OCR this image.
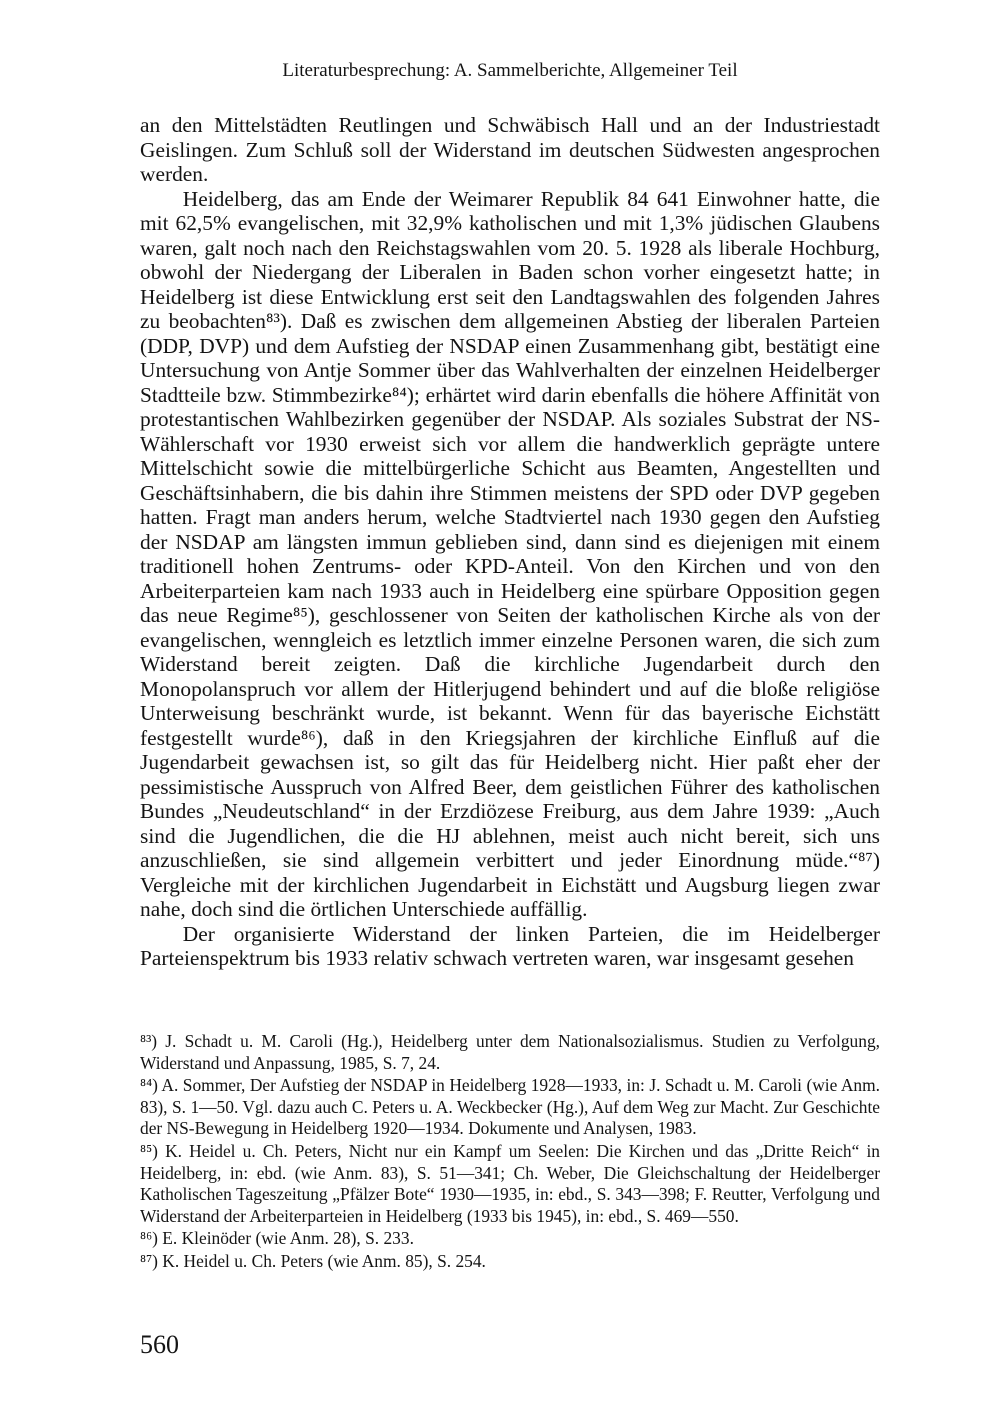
Literaturbesprechung: A. Sammelberichte, Allgemeiner Teil

an den Mittelstädten Reutlingen und Schwäbisch Hall und an der Industriestadt Geislingen. Zum Schluß soll der Widerstand im deutschen Südwesten angesprochen werden.

Heidelberg, das am Ende der Weimarer Republik 84 641 Einwohner hatte, die mit 62,5% evangelischen, mit 32,9% katholischen und mit 1,3% jüdischen Glaubens waren, galt noch nach den Reichstagswahlen vom 20. 5. 1928 als liberale Hochburg, obwohl der Niedergang der Liberalen in Baden schon vorher eingesetzt hatte; in Heidelberg ist diese Entwicklung erst seit den Landtagswahlen des folgenden Jahres zu beobachten⁸³). Daß es zwischen dem allgemeinen Abstieg der liberalen Parteien (DDP, DVP) und dem Aufstieg der NSDAP einen Zusammenhang gibt, bestätigt eine Untersuchung von Antje Sommer über das Wahlverhalten der einzelnen Heidelberger Stadtteile bzw. Stimmbezirke⁸⁴); erhärtet wird darin ebenfalls die höhere Affinität von protestantischen Wahlbezirken gegenüber der NSDAP. Als soziales Substrat der NS-Wählerschaft vor 1930 erweist sich vor allem die handwerklich geprägte untere Mittelschicht sowie die mittelbürgerliche Schicht aus Beamten, Angestellten und Geschäftsinhabern, die bis dahin ihre Stimmen meistens der SPD oder DVP gegeben hatten. Fragt man anders herum, welche Stadtviertel nach 1930 gegen den Aufstieg der NSDAP am längsten immun geblieben sind, dann sind es diejenigen mit einem traditionell hohen Zentrums- oder KPD-Anteil. Von den Kirchen und von den Arbeiterparteien kam nach 1933 auch in Heidelberg eine spürbare Opposition gegen das neue Regime⁸⁵), geschlossener von Seiten der katholischen Kirche als von der evangelischen, wenngleich es letztlich immer einzelne Personen waren, die sich zum Widerstand bereit zeigten. Daß die kirchliche Jugendarbeit durch den Monopolanspruch vor allem der Hitlerjugend behindert und auf die bloße religiöse Unterweisung beschränkt wurde, ist bekannt. Wenn für das bayerische Eichstätt festgestellt wurde⁸⁶), daß in den Kriegsjahren der kirchliche Einfluß auf die Jugendarbeit gewachsen ist, so gilt das für Heidelberg nicht. Hier paßt eher der pessimistische Ausspruch von Alfred Beer, dem geistlichen Führer des katholischen Bundes „Neudeutschland“ in der Erzdiözese Freiburg, aus dem Jahre 1939: „Auch sind die Jugendlichen, die die HJ ablehnen, meist auch nicht bereit, sich uns anzuschließen, sie sind allgemein verbittert und jeder Einordnung müde.“⁸⁷) Vergleiche mit der kirchlichen Jugendarbeit in Eichstätt und Augsburg liegen zwar nahe, doch sind die örtlichen Unterschiede auffällig.

Der organisierte Widerstand der linken Parteien, die im Heidelberger Parteienspektrum bis 1933 relativ schwach vertreten waren, war insgesamt gesehen

⁸³) J. Schadt u. M. Caroli (Hg.), Heidelberg unter dem Nationalsozialismus. Studien zu Verfolgung, Widerstand und Anpassung, 1985, S. 7, 24.

⁸⁴) A. Sommer, Der Aufstieg der NSDAP in Heidelberg 1928—1933, in: J. Schadt u. M. Caroli (wie Anm. 83), S. 1—50. Vgl. dazu auch C. Peters u. A. Weckbecker (Hg.), Auf dem Weg zur Macht. Zur Geschichte der NS-Bewegung in Heidelberg 1920—1934. Dokumente und Analysen, 1983.

⁸⁵) K. Heidel u. Ch. Peters, Nicht nur ein Kampf um Seelen: Die Kirchen und das „Dritte Reich“ in Heidelberg, in: ebd. (wie Anm. 83), S. 51—341; Ch. Weber, Die Gleichschaltung der Heidelberger Katholischen Tageszeitung „Pfälzer Bote“ 1930—1935, in: ebd., S. 343—398; F. Reutter, Verfolgung und Widerstand der Arbeiterparteien in Heidelberg (1933 bis 1945), in: ebd., S. 469—550.

⁸⁶) E. Kleinöder (wie Anm. 28), S. 233.

⁸⁷) K. Heidel u. Ch. Peters (wie Anm. 85), S. 254.

560
